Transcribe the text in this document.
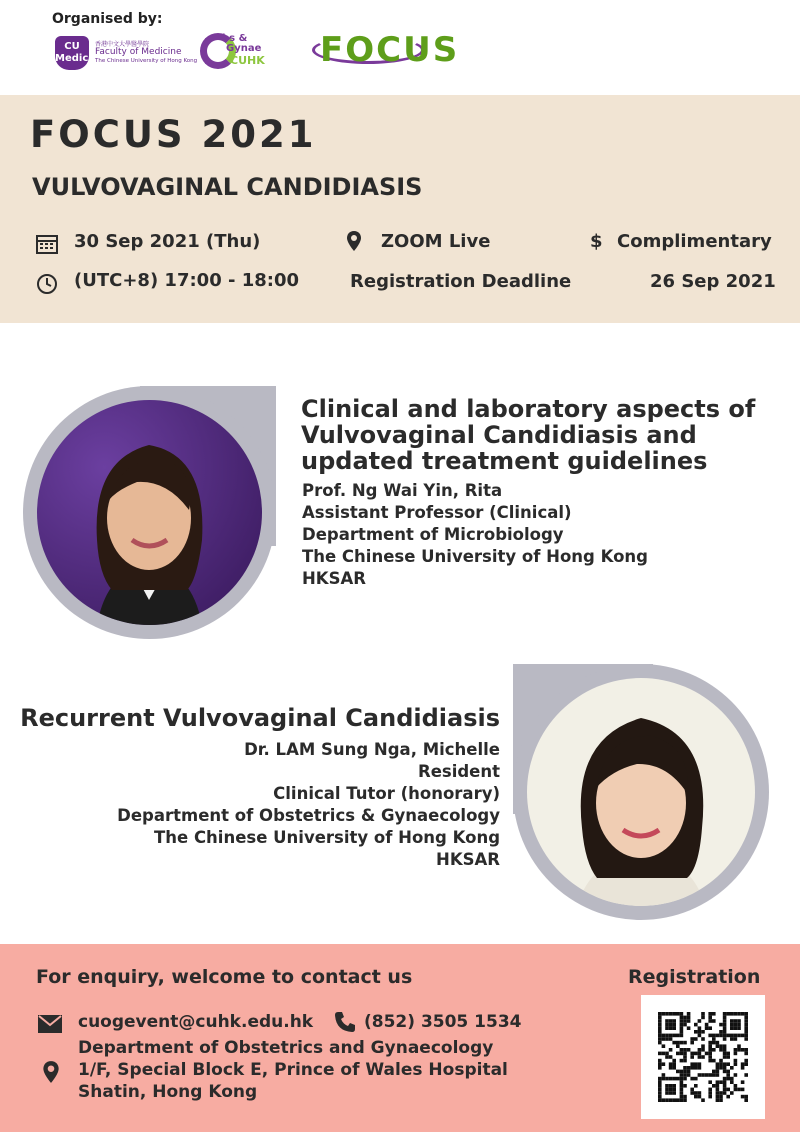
Organised by:
CU Medicine
香港中文大學醫學院
Faculty of Medicine
The Chinese University of Hong Kong
bs &
Gynae
CUHK FOCUS
FOCUS 2021
VULVOVAGINAL CANDIDIASIS
30 Sep 2021 (Thu)
(UTC+8) 17:00 - 18:00
ZOOM Live
Registration Deadline
$ Complimentary
26 Sep 2021
Clinical and laboratory aspects of
Vulvovaginal Candidiasis and
updated treatment guidelines
Prof. Ng Wai Yin, Rita
Assistant Professor (Clinical)
Department of Microbiology
The Chinese University of Hong Kong
HKSAR
Recurrent Vulvovaginal Candidiasis
Dr. LAM Sung Nga, Michelle
Resident
Clinical Tutor (honorary)
Department of Obstetrics & Gynaecology
The Chinese University of Hong Kong
HKSAR
For enquiry, welcome to contact us	Registration
cuogevent@cuhk.edu.hk	(852) 3505 1534
Department of Obstetrics and Gynaecology
1/F, Special Block E, Prince of Wales Hospital
Shatin, Hong Kong
